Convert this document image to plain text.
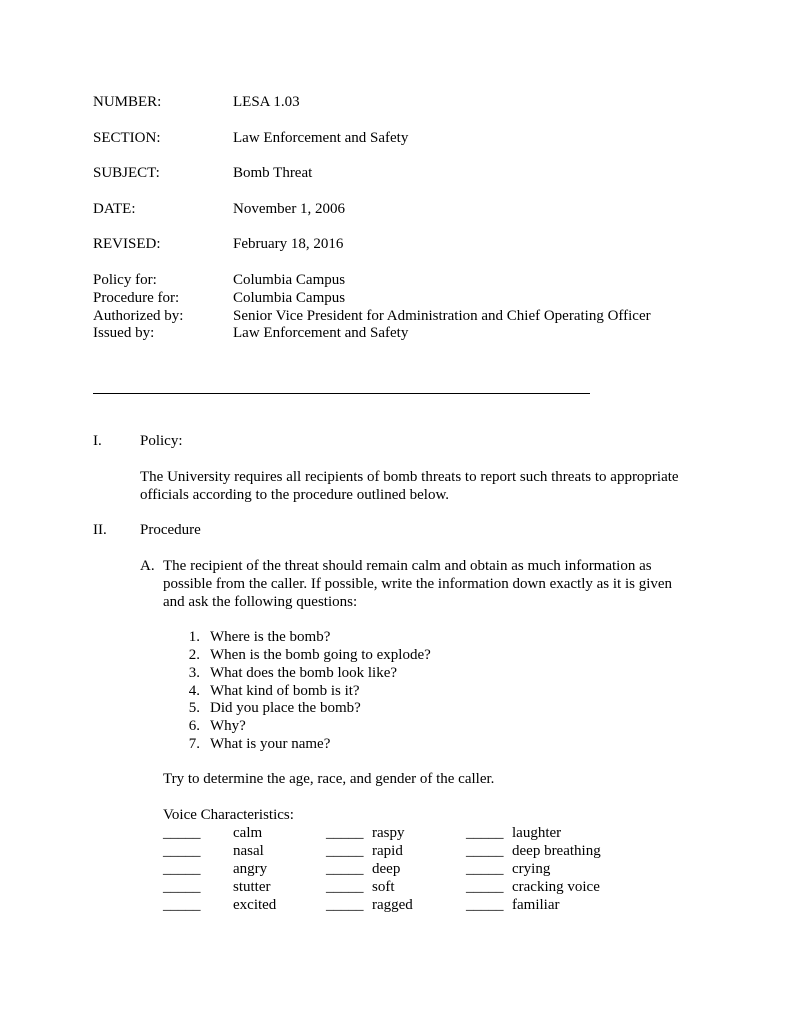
NUMBER:	LESA 1.03
SECTION:	Law Enforcement and Safety
SUBJECT:	Bomb Threat
DATE:	November 1, 2006
REVISED:	February 18, 2016
Policy for:	Columbia Campus
Procedure for:	Columbia Campus
Authorized by:	Senior Vice President for Administration and Chief Operating Officer
Issued by:	Law Enforcement and Safety
I.	Policy:
The University requires all recipients of bomb threats to report such threats to appropriate
officials according to the procedure outlined below.
II. Procedure
A. The recipient of the threat should remain calm and obtain as much information as
possible from the caller. If possible, write the information down exactly as it is given
and ask the following questions:
1. Where is the bomb?
2. When is the bomb going to explode?
3. What does the bomb look like?
4. What kind of bomb is it?
5. Did you place the bomb?
6. Why?
7. What is your name?
Try to determine the age, race, and gender of the caller.
Voice Characteristics:
_____ calm	_____ raspy	_____ laughter
_____ nasal	_____ rapid	_____ deep breathing
_____ angry	_____ deep	_____ crying
_____ stutter	_____ soft	_____ cracking voice
_____ excited	_____ ragged	_____ familiar
